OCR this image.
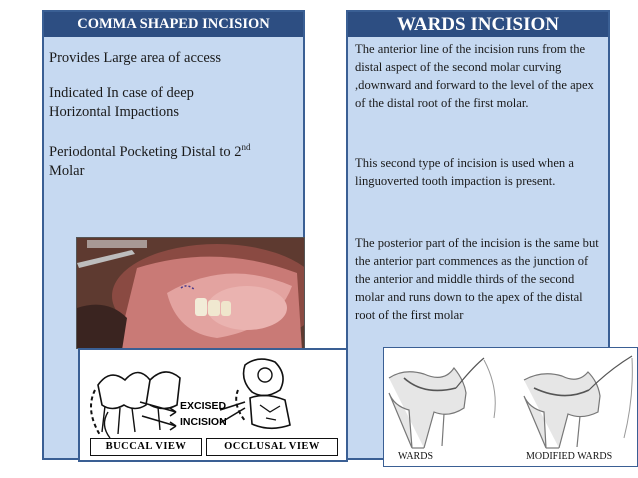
COMMA SHAPED INCISION

Provides Large area of access

Indicated In case of deep Horizontal Impactions

Periodontal Pocketing Distal to 2nd
Molar

WARDS INCISION

The anterior line of the incision runs from the distal aspect of the second molar curving ,downward and forward to the level of the apex of the distal root of the first molar.

This second type of incision is used when a linguoverted tooth impaction is present.

The posterior part of the incision is the same but the anterior part commences as the junction of the anterior and middle thirds of the second molar and runs down to the apex of the distal root of the first molar

EXCISED
INCISION
BUCCAL VIEW	OCCLUSAL VIEW
WARDS	MODIFIED WARDS
